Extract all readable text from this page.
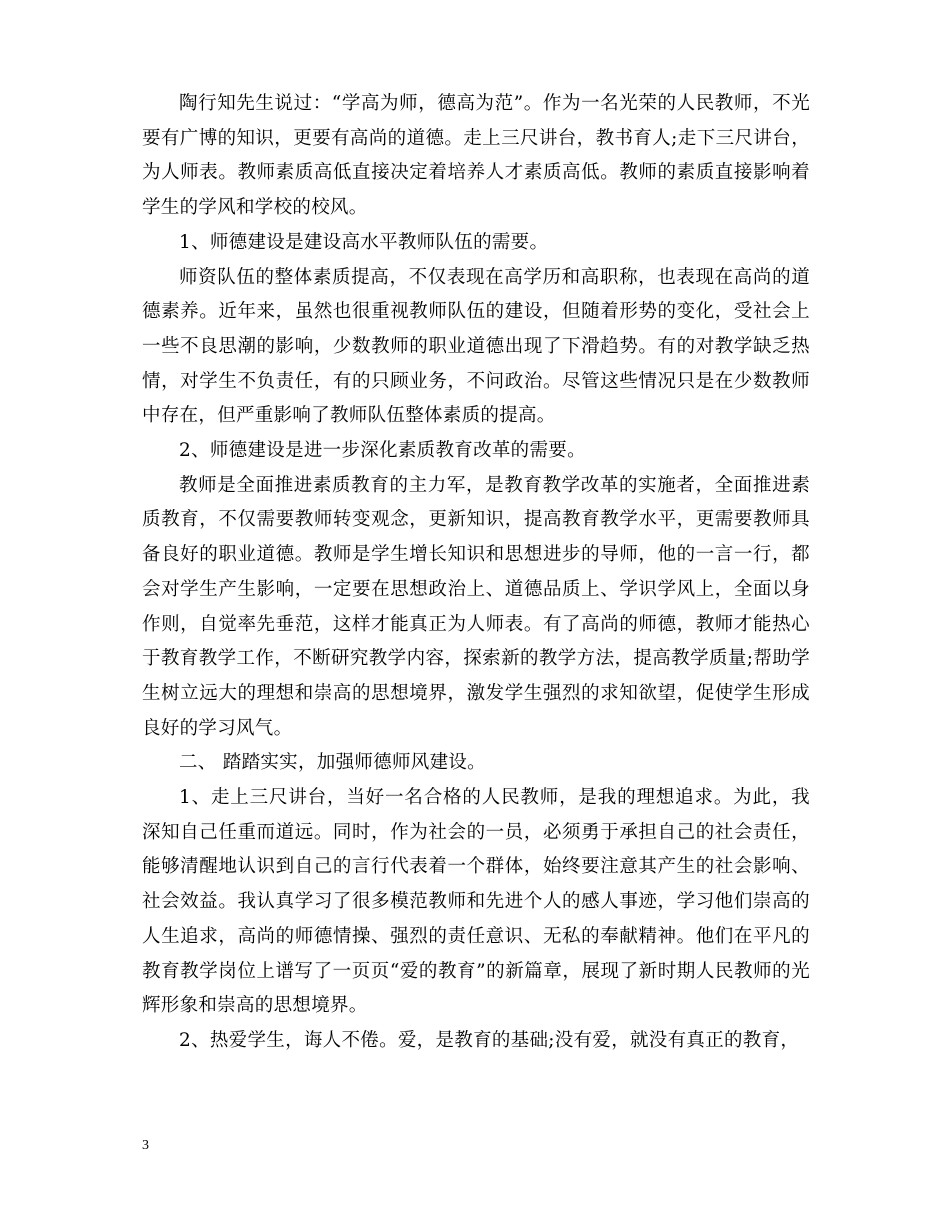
陶行知先生说过：“学高为师，德高为范”。作为一名光荣的人民教师，不光要有广博的知识，更要有高尚的道德。走上三尺讲台，教书育人;走下三尺讲台，为人师表。教师素质高低直接决定着培养人才素质高低。教师的素质直接影响着学生的学风和学校的校风。

1、师德建设是建设高水平教师队伍的需要。

师资队伍的整体素质提高，不仅表现在高学历和高职称，也表现在高尚的道德素养。近年来，虽然也很重视教师队伍的建设，但随着形势的变化，受社会上一些不良思潮的影响，少数教师的职业道德出现了下滑趋势。有的对教学缺乏热情，对学生不负责任，有的只顾业务，不问政治。尽管这些情况只是在少数教师中存在，但严重影响了教师队伍整体素质的提高。

2、师德建设是进一步深化素质教育改革的需要。

教师是全面推进素质教育的主力军，是教育教学改革的实施者，全面推进素质教育，不仅需要教师转变观念，更新知识，提高教育教学水平，更需要教师具备良好的职业道德。教师是学生增长知识和思想进步的导师，他的一言一行，都会对学生产生影响，一定要在思想政治上、道德品质上、学识学风上，全面以身作则，自觉率先垂范，这样才能真正为人师表。有了高尚的师德，教师才能热心于教育教学工作，不断研究教学内容，探索新的教学方法，提高教学质量;帮助学生树立远大的理想和崇高的思想境界，激发学生强烈的求知欲望，促使学生形成良好的学习风气。

二、 踏踏实实，加强师德师风建设。

1、走上三尺讲台，当好一名合格的人民教师，是我的理想追求。为此，我深知自己任重而道远。同时，作为社会的一员，必须勇于承担自己的社会责任，能够清醒地认识到自己的言行代表着一个群体，始终要注意其产生的社会影响、社会效益。我认真学习了很多模范教师和先进个人的感人事迹，学习他们崇高的人生追求，高尚的师德情操、强烈的责任意识、无私的奉献精神。他们在平凡的教育教学岗位上谱写了一页页“爱的教育”的新篇章，展现了新时期人民教师的光辉形象和崇高的思想境界。

2、热爱学生，诲人不倦。爱，是教育的基础;没有爱，就没有真正的教育，

3
